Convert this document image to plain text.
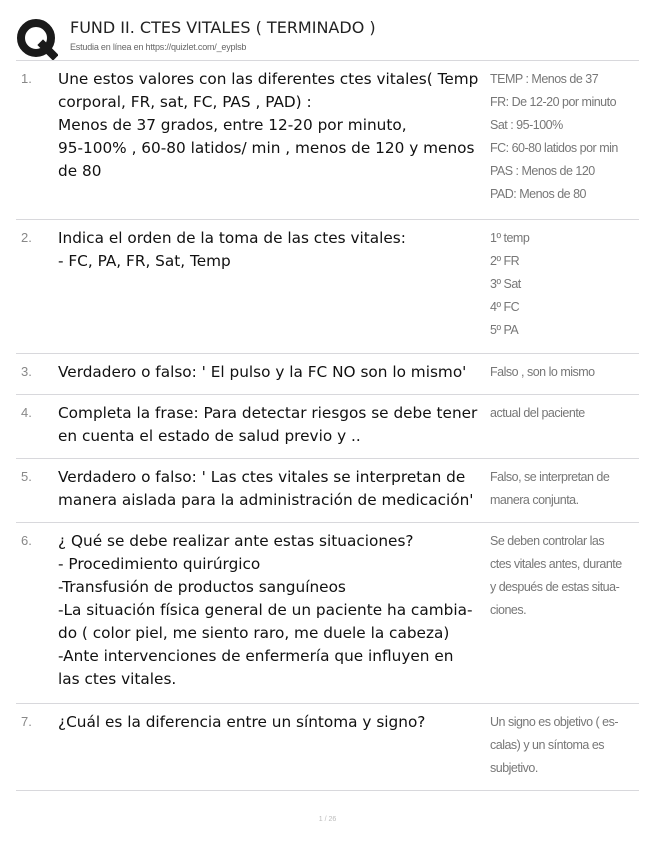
FUND II. CTES VITALES ( TERMINADO )
Estudia en línea en https://quizlet.com/_eyplsb
1. Une estos valores con las diferentes ctes vitales( Temp
corporal, FR, sat, FC, PAS , PAD) :
Menos de 37 grados, entre 12-20 por minuto,
95-100% , 60-80 latidos/ min , menos de 120 y menos
de 80
TEMP : Menos de 37
FR: De 12-20 por minuto
Sat : 95-100%
FC: 60-80 latidos por min
PAS : Menos de 120
PAD: Menos de 80
2. Indica el orden de la toma de las ctes vitales:
- FC, PA, FR, Sat, Temp
1º temp
2º FR
3º Sat
4º FC
5º PA
3. Verdadero o falso: ' El pulso y la FC NO son lo mismo'	Falso , son lo mismo
4. Completa la frase: Para detectar riesgos se debe tener
en cuenta el estado de salud previo y ..
actual del paciente
5. Verdadero o falso: ' Las ctes vitales se interpretan de
manera aislada para la administración de medicación'
Falso, se interpretan de
manera conjunta.
6. ¿ Qué se debe realizar ante estas situaciones?
- Procedimiento quirúrgico
-Transfusión de productos sanguíneos
-La situación física general de un paciente ha cambia-
do ( color piel, me siento raro, me duele la cabeza)
-Ante intervenciones de enfermería que influyen en
las ctes vitales.
Se deben controlar las
ctes vitales antes, durante
y después de estas situa-
ciones.
7. ¿Cuál es la diferencia entre un síntoma y signo?	Un signo es objetivo ( es-
calas) y un síntoma es
subjetivo.
1 / 26
